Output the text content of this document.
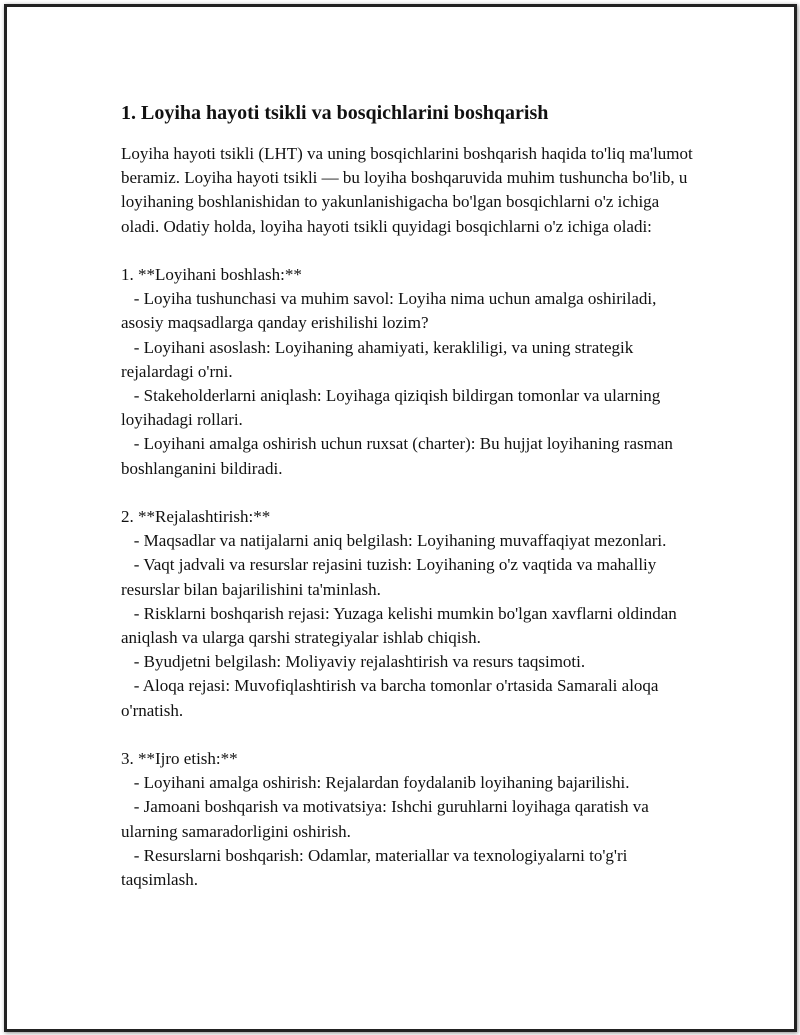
1. Loyiha hayoti tsikli va bosqichlarini boshqarish

Loyiha hayoti tsikli (LHT) va uning bosqichlarini boshqarish haqida to'liq ma'lumot beramiz. Loyiha hayoti tsikli — bu loyiha boshqaruvida muhim tushuncha bo'lib, u loyihaning boshlanishidan to yakunlanishigacha bo'lgan bosqichlarni o'z ichiga oladi. Odatiy holda, loyiha hayoti tsikli quyidagi bosqichlarni o'z ichiga oladi:

1. **Loyihani boshlash:**
- Loyiha tushunchasi va muhim savol: Loyiha nima uchun amalga oshiriladi, asosiy maqsadlarga qanday erishilishi lozim?
- Loyihani asoslash: Loyihaning ahamiyati, kerakliligi, va uning strategik rejalardagi o'rni.
- Stakeholderlarni aniqlash: Loyihaga qiziqish bildirgan tomonlar va ularning loyihadagi rollari.
- Loyihani amalga oshirish uchun ruxsat (charter): Bu hujjat loyihaning rasman boshlanganini bildiradi.
2. **Rejalashtirish:**
- Maqsadlar va natijalarni aniq belgilash: Loyihaning muvaffaqiyat mezonlari.
- Vaqt jadvali va resurslar rejasini tuzish: Loyihaning o'z vaqtida va mahalliy resurslar bilan bajarilishini ta'minlash.
- Risklarni boshqarish rejasi: Yuzaga kelishi mumkin bo'lgan xavflarni oldindan aniqlash va ularga qarshi strategiyalar ishlab chiqish.
- Byudjetni belgilash: Moliyaviy rejalashtirish va resurs taqsimoti.
- Aloqa rejasi: Muvofiqlashtirish va barcha tomonlar o'rtasida Samarali aloqa o'rnatish.
3. **Ijro etish:**
- Loyihani amalga oshirish: Rejalardan foydalanib loyihaning bajarilishi.
- Jamoani boshqarish va motivatsiya: Ishchi guruhlarni loyihaga qaratish va ularning samaradorligini oshirish.
- Resurslarni boshqarish: Odamlar, materiallar va texnologiyalarni to'g'ri taqsimlash.
